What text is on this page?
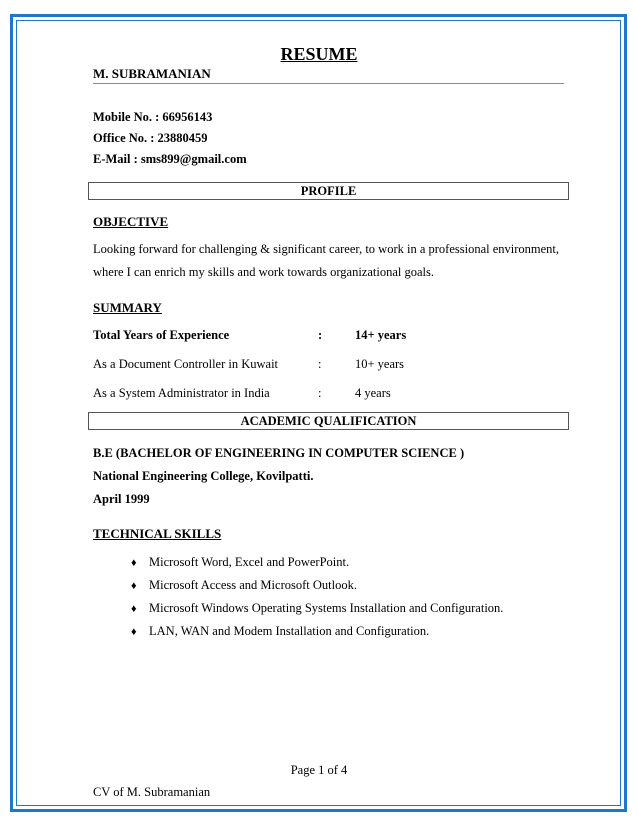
RESUME
M. SUBRAMANIAN
Mobile No. : 66956143
Office No. : 23880459
E-Mail : sms899@gmail.com
PROFILE
OBJECTIVE
Looking forward for challenging & significant career, to work in a professional environment,
where I can enrich my skills and work towards organizational goals.
SUMMARY
Total Years of Experience	:	14+ years
As a Document Controller in Kuwait	:	10+ years
As a System Administrator in India	:	4 years
ACADEMIC QUALIFICATION
B.E (BACHELOR OF ENGINEERING IN COMPUTER SCIENCE )
National Engineering College, Kovilpatti.
April 1999
TECHNICAL SKILLS
♦ Microsoft Word, Excel and PowerPoint.
♦ Microsoft Access and Microsoft Outlook.
♦ Microsoft Windows Operating Systems Installation and Configuration.
♦ LAN, WAN and Modem Installation and Configuration.
Page 1 of 4
CV of M. Subramanian
